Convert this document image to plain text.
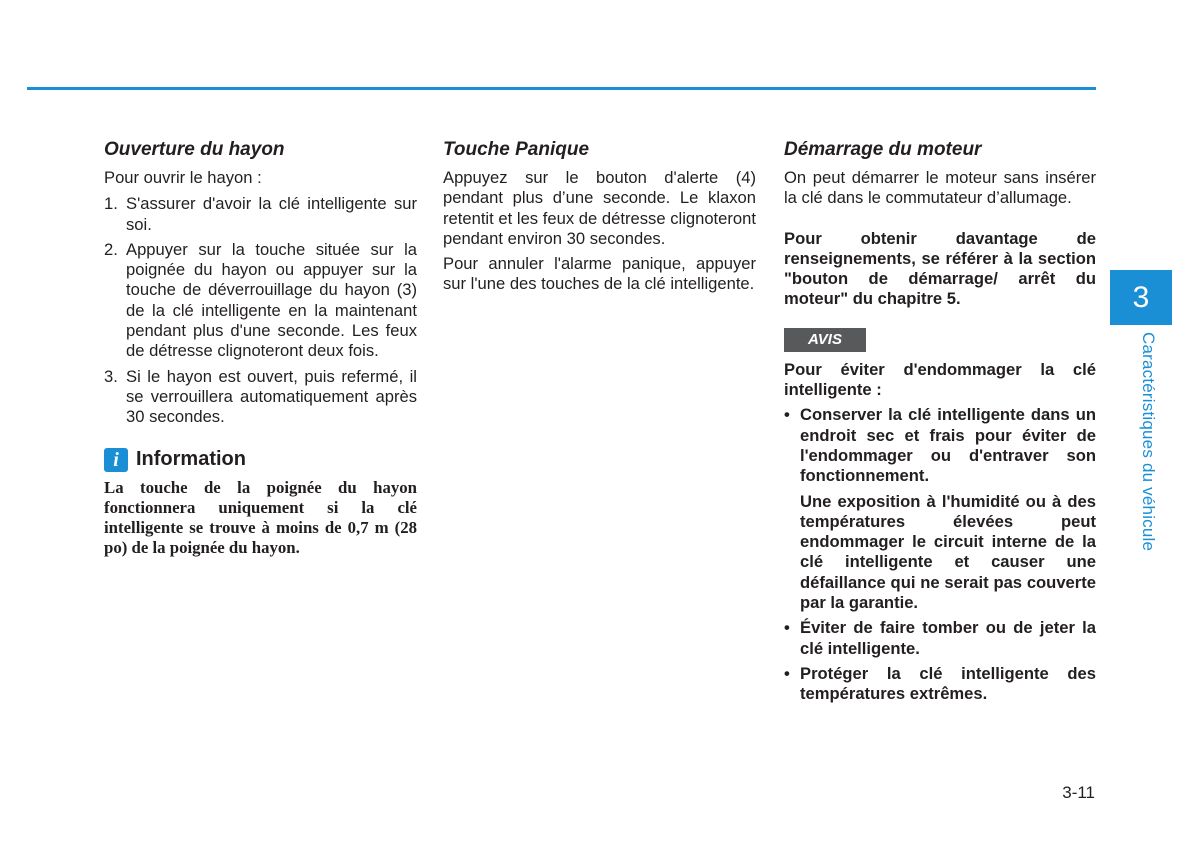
Ouverture du hayon

Pour ouvrir le hayon :

1. S'assurer d'avoir la clé intelligente sur soi.
2. Appuyer sur la touche située sur la poignée du hayon ou appuyer sur la touche de déverrouillage du hayon (3) de la clé intelligente en la maintenant pendant plus d'une seconde. Les feux de détresse clignoteront deux fois.
3. Si le hayon est ouvert, puis refermé, il se verrouillera automatiquement après 30 secondes.
i Information

La touche de la poignée du hayon fonctionnera uniquement si la clé intelligente se trouve à moins de 0,7 m (28 po) de la poignée du hayon.

Touche Panique

Appuyez sur le bouton d'alerte (4) pendant plus d’une seconde. Le klaxon retentit et les feux de détresse clignoteront pendant environ 30 secondes.

Pour annuler l'alarme panique, appuyer sur l'une des touches de la clé intelligente.

Démarrage du moteur

On peut démarrer le moteur sans insérer la clé dans le commutateur d’allumage.

Pour obtenir davantage de renseignements, se référer à la section "bouton de démarrage/ arrêt du moteur" du chapitre 5.

AVIS

Pour éviter d'endommager la clé intelligente :

• Conserver la clé intelligente dans un endroit sec et frais pour éviter de l'endommager ou d'entraver son fonctionnement.

Une exposition à l'humidité ou à des températures élevées peut endommager le circuit interne de la clé intelligente et causer une défaillance qui ne serait pas couverte par la garantie.

• Éviter de faire tomber ou de jeter la clé intelligente.
• Protéger la clé intelligente des températures extrêmes.
3
Caractéristiques du véhicule
3-11
